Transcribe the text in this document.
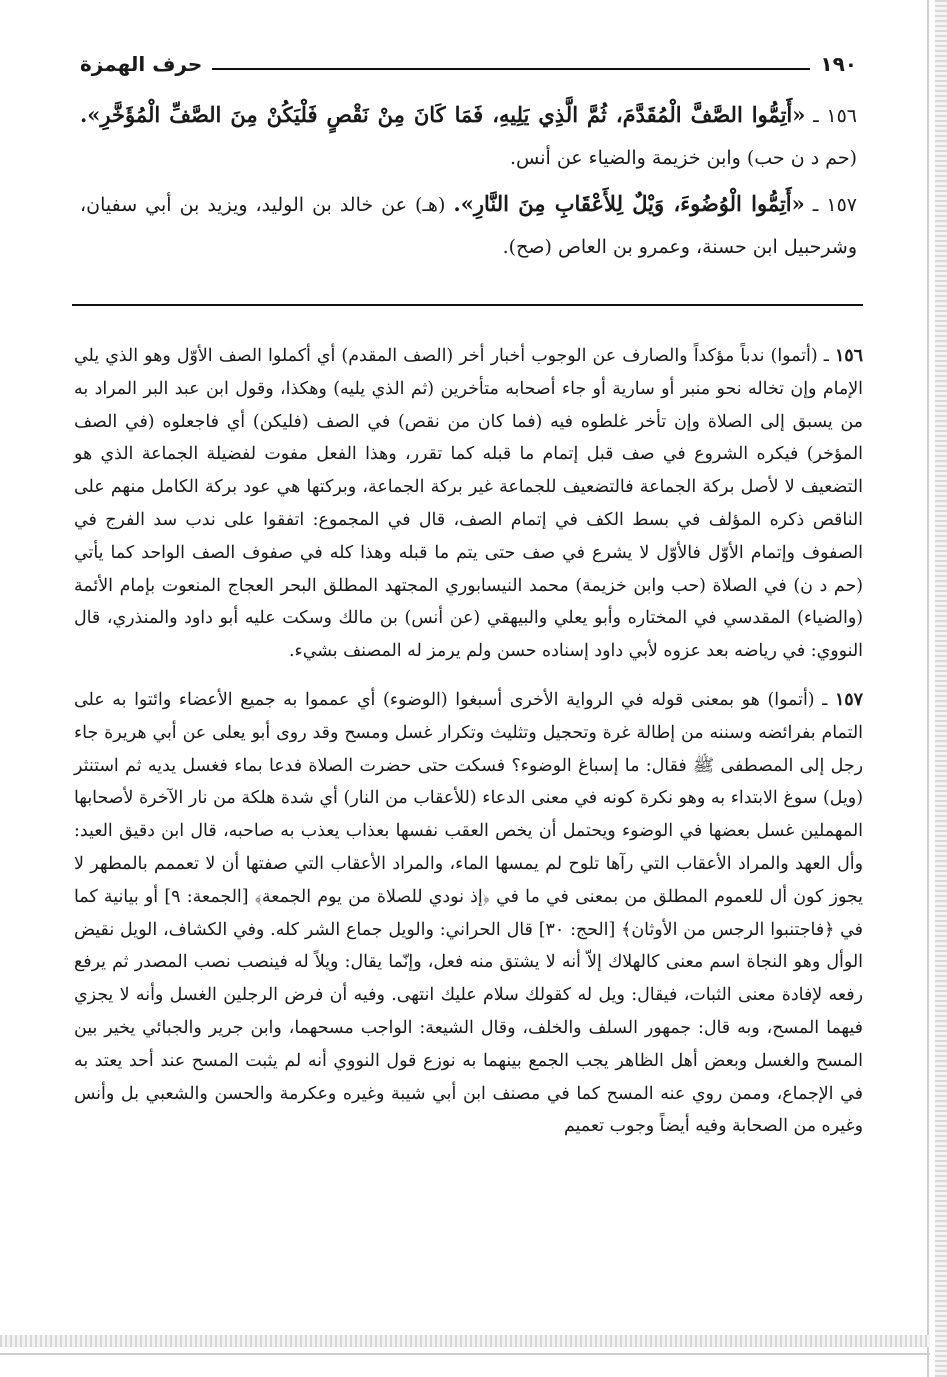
١٩٠
حرف الهمزة

١٥٦ ـ «أَتِمُّوا الصَّفَّ الْمُقَدَّمَ، ثُمَّ الَّذِي يَلِيهِ، فَمَا كَانَ مِنْ نَقْصٍ فَلْيَكُنْ مِنَ الصَّفِّ الْمُؤَخَّرِ». (حم د ن حب) وابن خزيمة والضياء عن أنس.

١٥٧ ـ «أَتِمُّوا الْوُضُوءَ، وَيْلٌ لِلأَعْقَابِ مِنَ النَّارِ». (هـ) عن خالد بن الوليد، ويزيد بن أبي سفيان، وشرحبيل ابن حسنة، وعمرو بن العاص (صح).

١٥٦ ـ (أتموا) ندباً مؤكداً والصارف عن الوجوب أخبار أخر (الصف المقدم) أي أكملوا الصف الأوّل وهو الذي يلي الإمام وإن تخاله نحو منبر أو سارية أو جاء أصحابه متأخرين (ثم الذي يليه) وهكذا، وقول ابن عبد البر المراد به من يسبق إلى الصلاة وإن تأخر غلطوه فيه (فما كان من نقص) في الصف (فليكن) أي فاجعلوه (في الصف المؤخر) فيكره الشروع في صف قبل إتمام ما قبله كما تقرر، وهذا الفعل مفوت لفضيلة الجماعة الذي هو التضعيف لا لأصل بركة الجماعة فالتضعيف للجماعة غير بركة الجماعة، وبركتها هي عود بركة الكامل منهم على الناقص ذكره المؤلف في بسط الكف في إتمام الصف، قال في المجموع: اتفقوا على ندب سد الفرج في الصفوف وإتمام الأوّل فالأوّل لا يشرع في صف حتى يتم ما قبله وهذا كله في صفوف الصف الواحد كما يأتي (حم د ن) في الصلاة (حب وابن خزيمة) محمد النيسابوري المجتهد المطلق البحر العجاج المنعوت بإمام الأئمة (والضياء) المقدسي في المختاره وأبو يعلي والبيهقي (عن أنس) بن مالك وسكت عليه أبو داود والمنذري، قال النووي: في رياضه بعد عزوه لأبي داود إسناده حسن ولم يرمز له المصنف بشيء.

١٥٧ ـ (أتموا) هو بمعنى قوله في الرواية الأخرى أسبغوا (الوضوء) أي عمموا به جميع الأعضاء وائتوا به على التمام بفرائضه وسننه من إطالة غرة وتحجيل وتثليث وتكرار غسل ومسح وقد روى أبو يعلى عن أبي هريرة جاء رجل إلى المصطفى ﷺ فقال: ما إسباغ الوضوء؟ فسكت حتى حضرت الصلاة فدعا بماء فغسل يديه ثم استنثر (ويل) سوغ الابتداء به وهو نكرة كونه في معنى الدعاء (للأعقاب من النار) أي شدة هلكة من نار الآخرة لأصحابها المهملين غسل بعضها في الوضوء ويحتمل أن يخص العقب نفسها بعذاب يعذب به صاحبه، قال ابن دقيق العيد: وأل العهد والمراد الأعقاب التي رآها تلوح لم يمسها الماء، والمراد الأعقاب التي صفتها أن لا تعممم بالمطهر لا يجوز كون أل للعموم المطلق من بمعنى في ما في ﴿إذ نودي للصلاة من يوم الجمعة﴾ [الجمعة: ٩] أو بيانية كما في ﴿فاجتنبوا الرجس من الأوثان﴾ [الحج: ٣٠] قال الحراني: والويل جماع الشر كله. وفي الكشاف، الويل نقيض الوأل وهو النجاة اسم معنى كالهلاك إلاّ أنه لا يشتق منه فعل، وإنّما يقال: ويلاً له فينصب نصب المصدر ثم يرفع رفعه لإفادة معنى الثبات، فيقال: ويل له كقولك سلام عليك انتهى. وفيه أن فرض الرجلين الغسل وأنه لا يجزي فيهما المسح، وبه قال: جمهور السلف والخلف، وقال الشيعة: الواجب مسحهما، وابن جرير والجبائي يخير بين المسح والغسل وبعض أهل الظاهر يجب الجمع بينهما به نوزع قول النووي أنه لم يثبت المسح عند أحد يعتد به في الإجماع، وممن روي عنه المسح كما في مصنف ابن أبي شيبة وغيره وعكرمة والحسن والشعبي بل وأنس وغيره من الصحابة وفيه أيضاً وجوب تعميم
